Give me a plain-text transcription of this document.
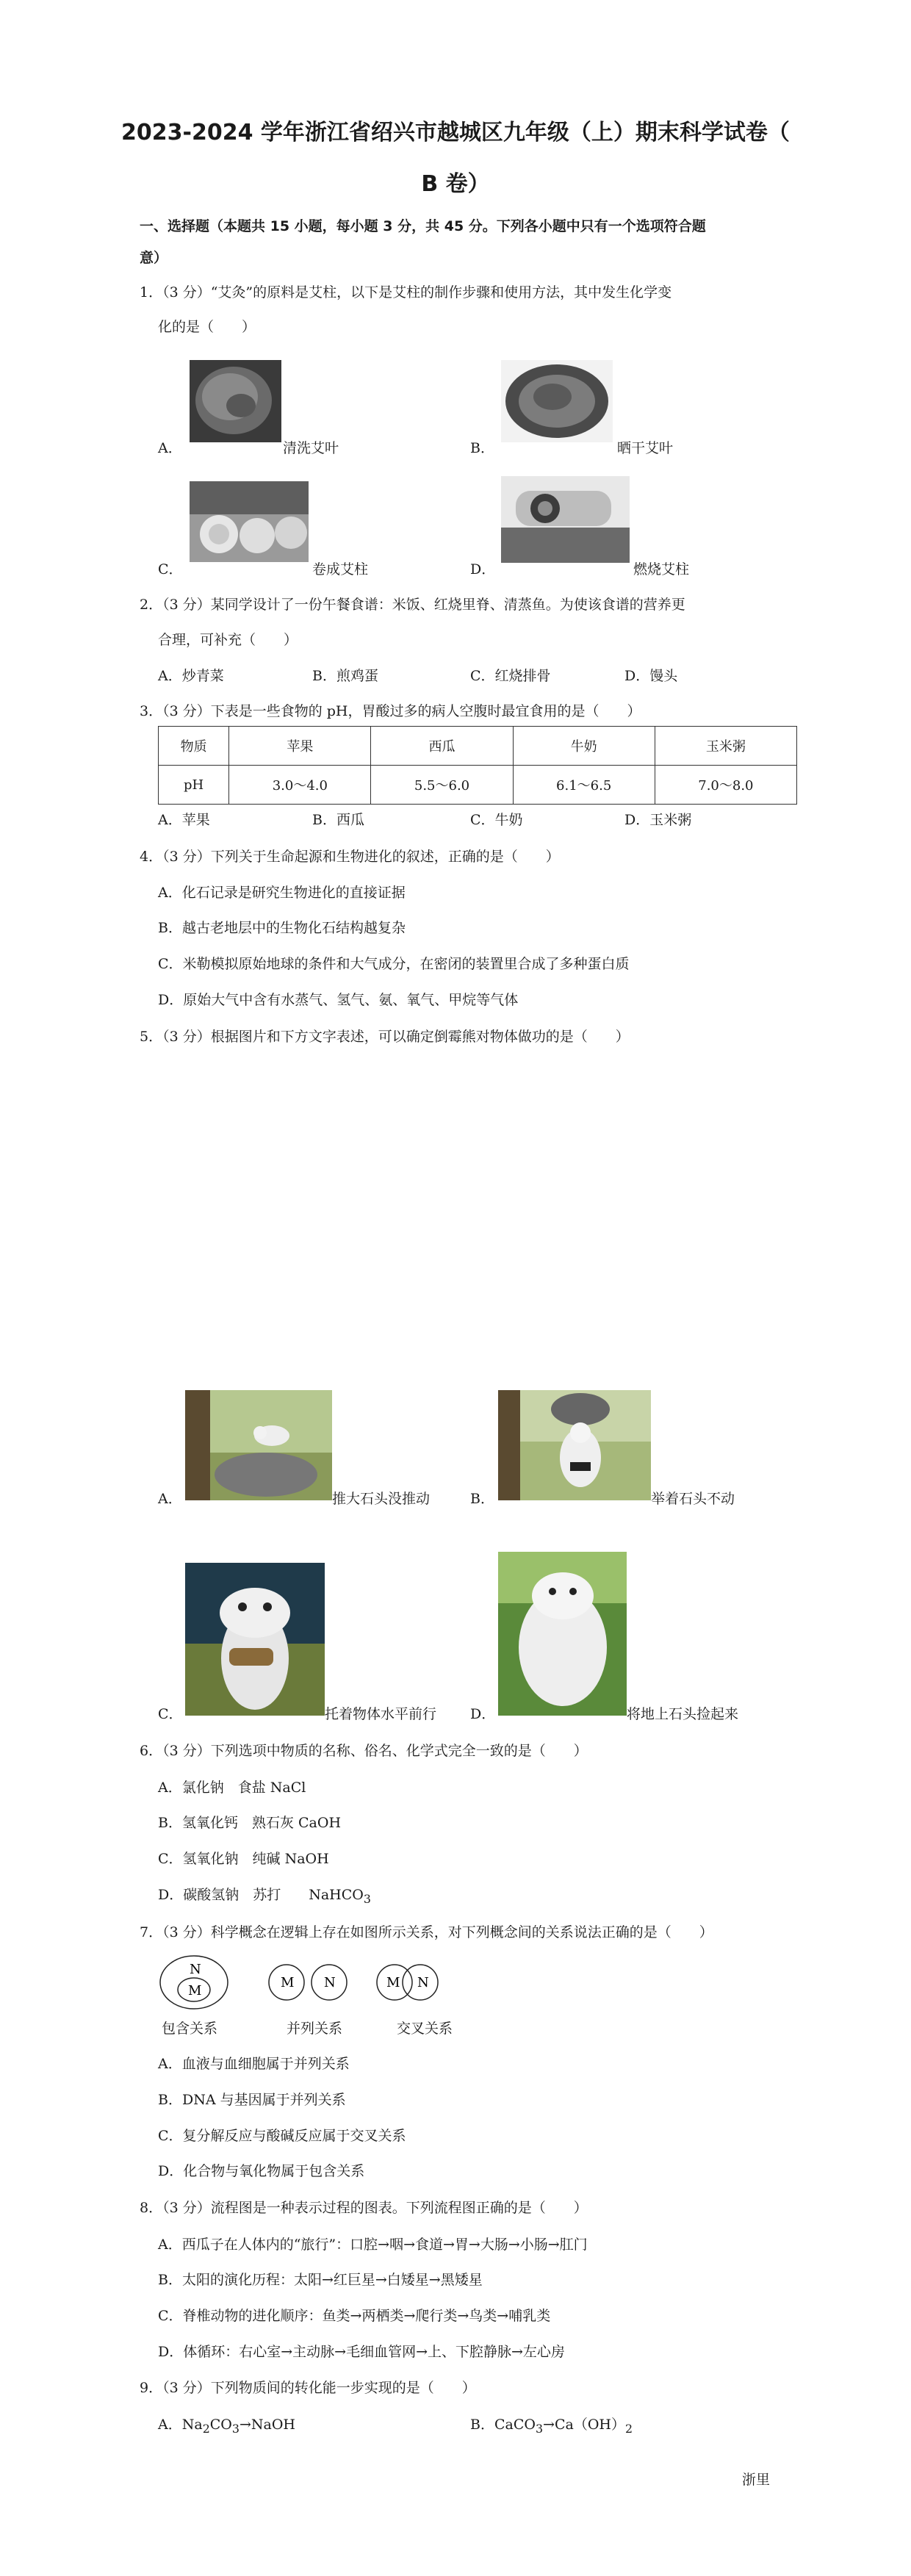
2023-2024 学年浙江省绍兴市越城区九年级（上）期末科学试卷（
B 卷）
一、选择题（本题共 15 小题，每小题 3 分，共 45 分。下列各小题中只有一个选项符合题
意）
1．（3 分）“艾灸”的原料是艾柱，以下是艾柱的制作步骤和使用方法，其中发生化学变
化的是（　　）
A．	清洗艾叶	B．	晒干艾叶
C．	卷成艾柱	D．	燃烧艾柱
2．（3 分）某同学设计了一份午餐食谱：米饭、红烧里脊、清蒸鱼。为使该食谱的营养更
合理，可补充（　　）
A．炒青菜	B．煎鸡蛋	C．红烧排骨	D．馒头
3．（3 分）下表是一些食物的 pH，胃酸过多的病人空腹时最宜食用的是（　　）
物质	苹果	西瓜	牛奶	玉米粥
pH	3.0～4.0	5.5～6.0	6.1～6.5	7.0～8.0
A．苹果	B．西瓜	C．牛奶	D．玉米粥
4．（3 分）下列关于生命起源和生物进化的叙述，正确的是（　　）
A．化石记录是研究生物进化的直接证据
B．越古老地层中的生物化石结构越复杂
C．米勒模拟原始地球的条件和大气成分，在密闭的装置里合成了多种蛋白质
D．原始大气中含有水蒸气、氢气、氨、氧气、甲烷等气体
5．（3 分）根据图片和下方文字表述，可以确定倒霉熊对物体做功的是（　　）
A．	推大石头没推动	B．	举着石头不动
C．	托着物体水平前行 D．	将地上石头捡起来
6．（3 分）下列选项中物质的名称、俗名、化学式完全一致的是（　　）
A．氯化钠　食盐 NaCl
B．氢氧化钙　熟石灰 CaOH
C．氢氧化钠　纯碱 NaOH
D．碳酸氢钠　苏打　　NaHCO$_3$
7．（3 分）科学概念在逻辑上存在如图所示关系，对下列概念间的关系说法正确的是（　　）
N
M
M N	M N
包含关系	并列关系	交叉关系
A．血液与血细胞属于并列关系
B．DNA 与基因属于并列关系
C．复分解反应与酸碱反应属于交叉关系
D．化合物与氧化物属于包含关系
8．（3 分）流程图是一种表示过程的图表。下列流程图正确的是（　　）
A．西瓜子在人体内的“旅行”：口腔→咽→食道→胃→大肠→小肠→肛门
B．太阳的演化历程：太阳→红巨星→白矮星→黑矮星
C．脊椎动物的进化顺序：鱼类→两栖类→爬行类→鸟类→哺乳类
D．体循环：右心室→主动脉→毛细血管网→上、下腔静脉→左心房
9．（3 分）下列物质间的转化能一步实现的是（　　）
A．$Na_2CO_3\to NaOH$	B．$CaCO_3\to Ca(OH)_2$
浙里
